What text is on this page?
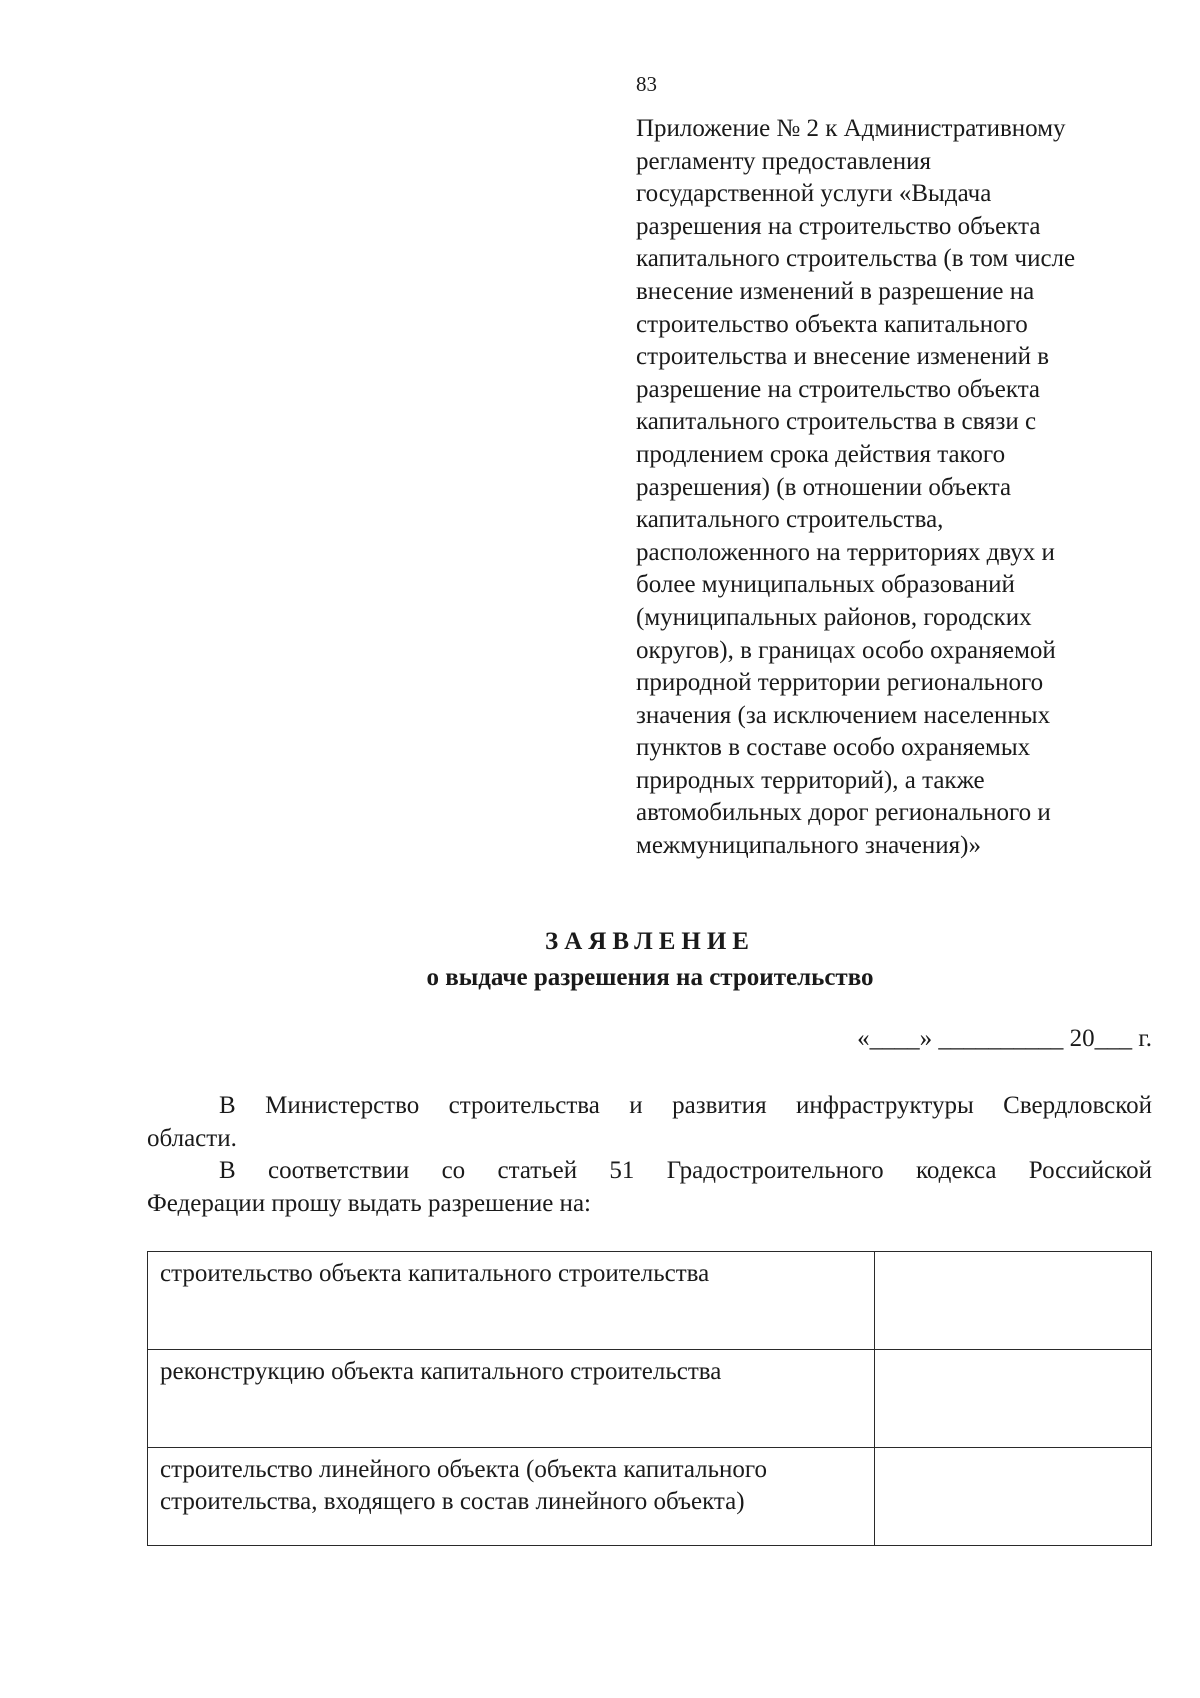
83
Приложение № 2 к Административному
регламенту предоставления
государственной услуги «Выдача
разрешения на строительство объекта
капитального строительства (в том числе
внесение изменений в разрешение на
строительство объекта капитального
строительства и внесение изменений в
разрешение на строительство объекта
капитального строительства в связи с
продлением срока действия такого
разрешения) (в отношении объекта
капитального строительства,
расположенного на территориях двух и
более муниципальных образований
(муниципальных районов, городских
округов), в границах особо охраняемой
природной территории регионального
значения (за исключением населенных
пунктов в составе особо охраняемых
природных территорий), а также
автомобильных дорог регионального и
межмуниципального значения)»
ЗАЯВЛЕНИЕ
о выдаче разрешения на строительство
«____» __________ 20___ г.

В Министерство строительства и развития инфраструктуры Свердловской
области.

В соответствии со статьей 51 Градостроительного кодекса Российской
Федерации прошу выдать разрешение на:

строительство объекта капитального строительства	
реконструкцию объекта капитального строительства	
строительство линейного объекта (объекта капитального строительства, входящего в состав линейного объекта)	
